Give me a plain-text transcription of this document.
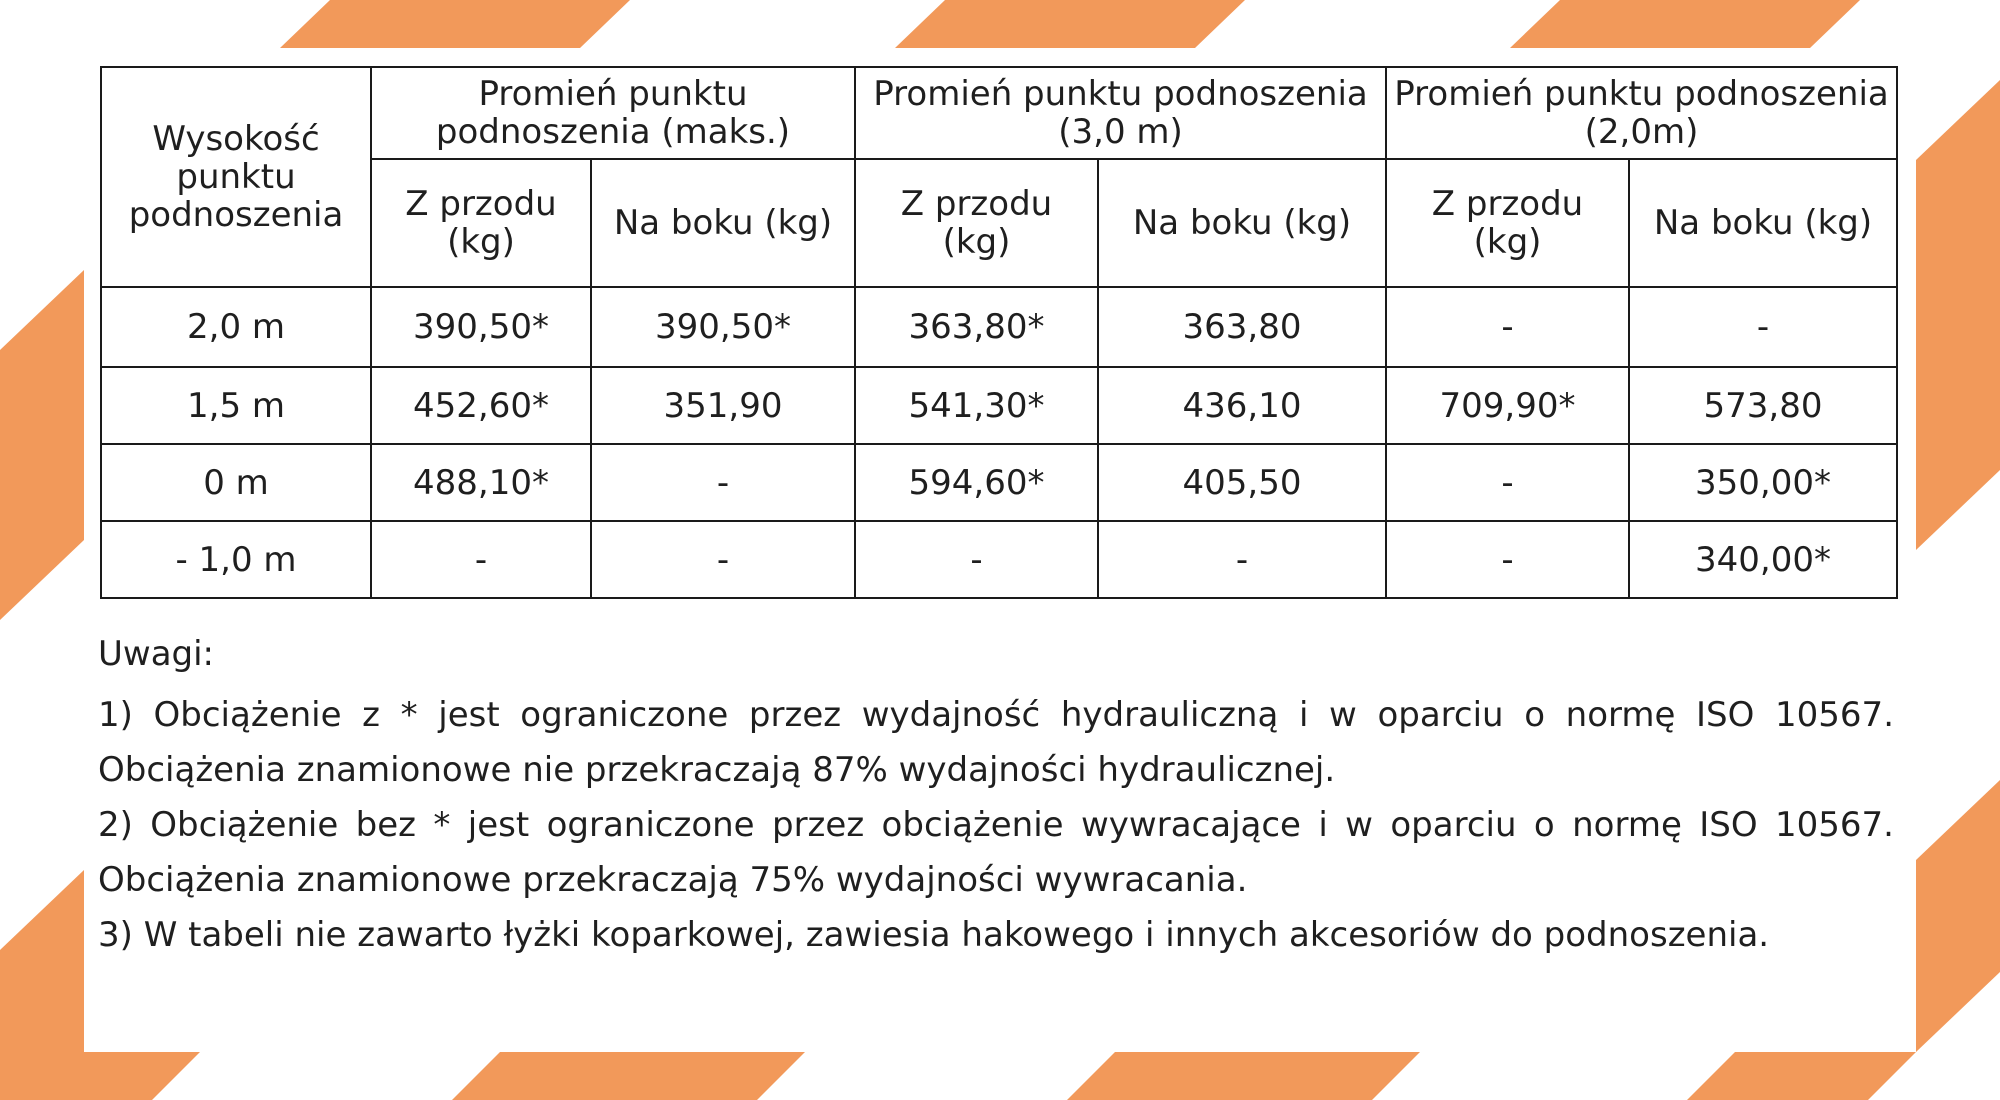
Wysokość punktu podnoszenia	Promień punktu podnoszenia (maks.)		Promień punktu podnoszenia (3,0 m)		Promień punktu podnoszenia (2,0m)	
	Z przodu (kg)	Na boku (kg)	Z przodu (kg)	Na boku (kg)	Z przodu (kg)	Na boku (kg)
2,0 m	390,50*	390,50*	363,80*	363,80	-	-
1,5 m	452,60*	351,90	541,30*	436,10	709,90*	573,80
0 m	488,10*	-	594,60*	405,50	-	350,00*
- 1,0 m	-	-	-	-	-	340,00*

Uwagi:

1) Obciążenie z * jest ograniczone przez wydajność hydrauliczną i w oparciu o normę ISO 10567. Obciążenia znamionowe nie przekraczają 87% wydajności hydraulicznej.

2) Obciążenie bez * jest ograniczone przez obciążenie wywracające i w oparciu o normę ISO 10567. Obciążenia znamionowe przekraczają 75% wydajności wywracania.

3) W tabeli nie zawarto łyżki koparkowej, zawiesia hakowego i innych akcesoriów do podnoszenia.
